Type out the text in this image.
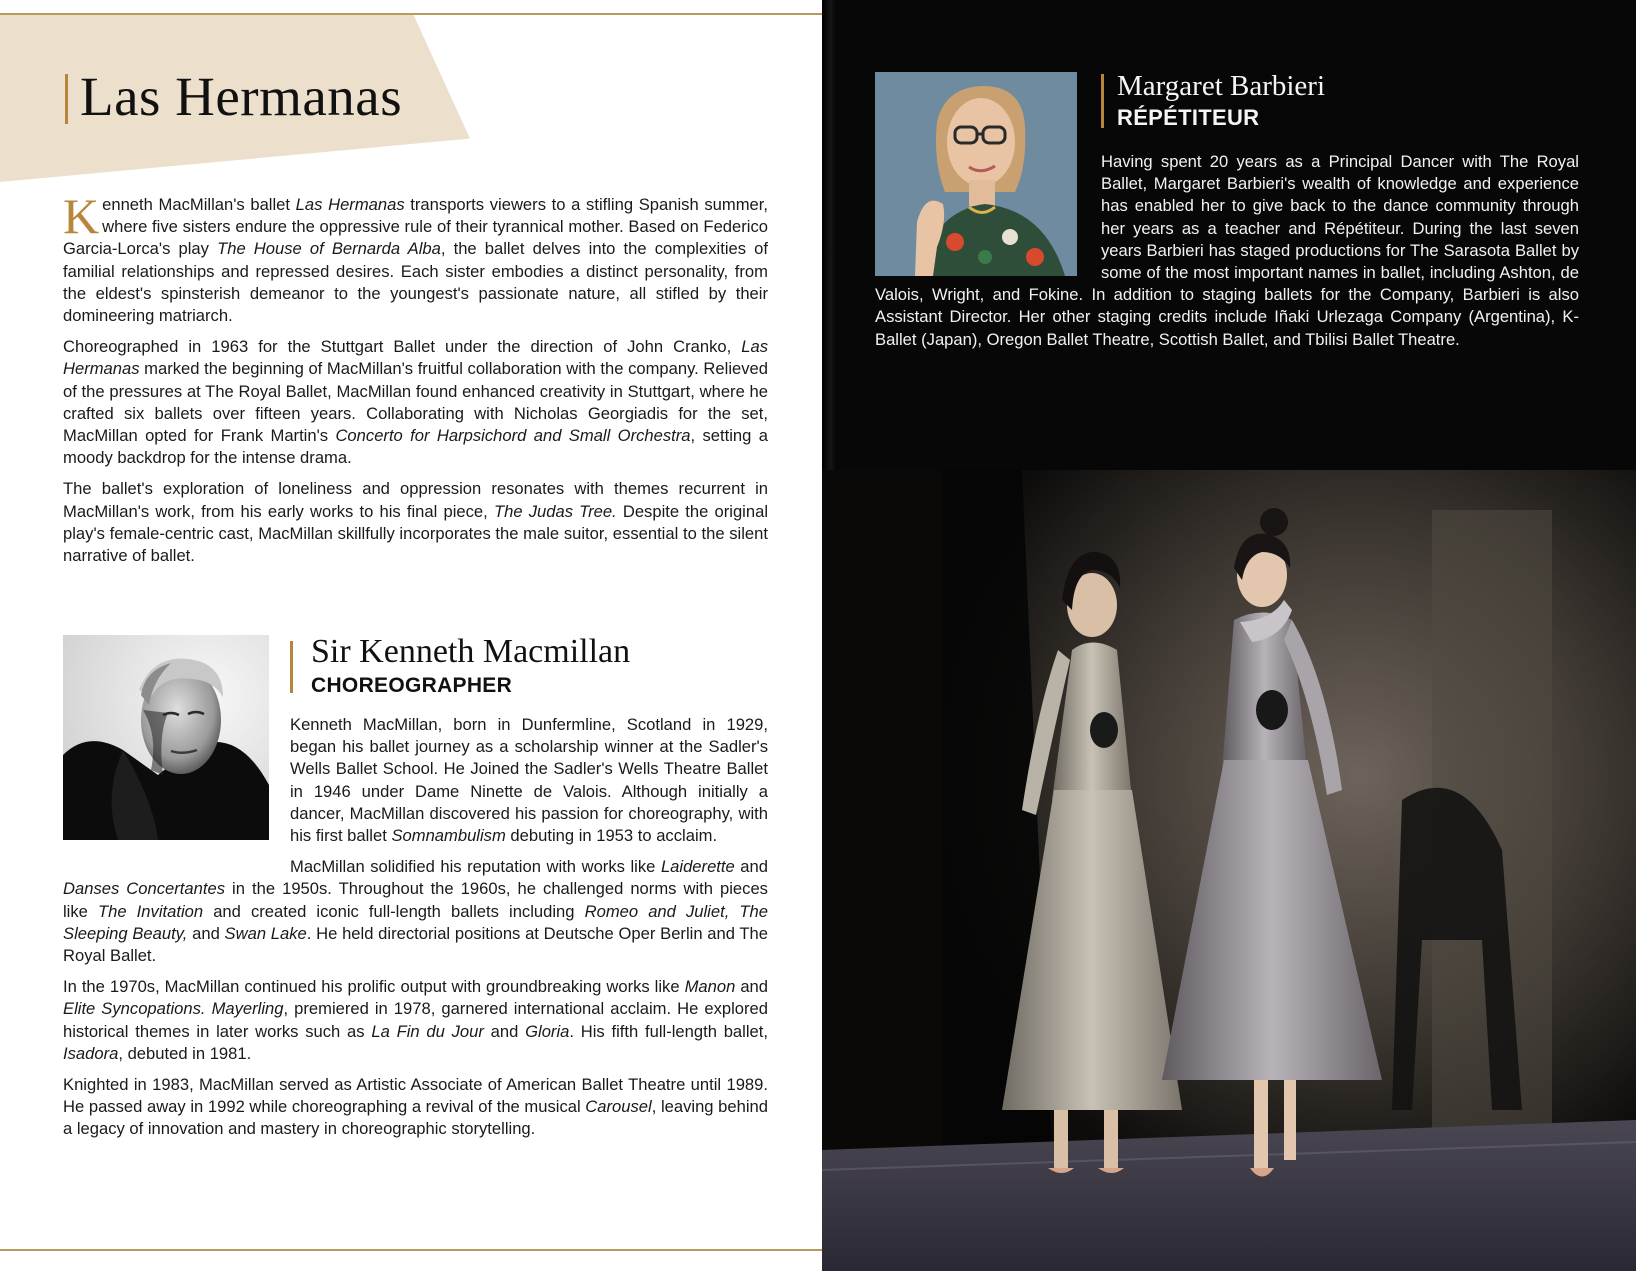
Las Hermanas

Kenneth MacMillan's ballet Las Hermanas transports viewers to a stifling Spanish summer, where five sisters endure the oppressive rule of their tyrannical mother. Based on Federico Garcia-Lorca's play The House of Bernarda Alba, the ballet delves into the complexities of familial relationships and repressed desires. Each sister embodies a distinct personality, from the eldest's spinsterish demeanor to the youngest's passionate nature, all stifled by their domineering matriarch.

Choreographed in 1963 for the Stuttgart Ballet under the direction of John Cranko, Las Hermanas marked the beginning of MacMillan's fruitful collaboration with the company. Relieved of the pressures at The Royal Ballet, MacMillan found enhanced creativity in Stuttgart, where he crafted six ballets over fifteen years. Collaborating with Nicholas Georgiadis for the set, MacMillan opted for Frank Martin's Concerto for Harpsichord and Small Orchestra, setting a moody backdrop for the intense drama.

The ballet's exploration of loneliness and oppression resonates with themes recurrent in MacMillan's work, from his early works to his final piece, The Judas Tree. Despite the original play's female-centric cast, MacMillan skillfully incorporates the male suitor, essential to the silent narrative of ballet.

Sir Kenneth Macmillan
CHOREOGRAPHER

Kenneth MacMillan, born in Dunfermline, Scotland in 1929, began his ballet journey as a scholarship winner at the Sadler's Wells Ballet School. He Joined the Sadler's Wells Theatre Ballet in 1946 under Dame Ninette de Valois. Although initially a dancer, MacMillan discovered his passion for choreography, with his first ballet Somnambulism debuting in 1953 to acclaim.

MacMillan solidified his reputation with works like Laiderette and Danses Concertantes in the 1950s. Throughout the 1960s, he challenged norms with pieces like The Invitation and created iconic full-length ballets including Romeo and Juliet, The Sleeping Beauty, and Swan Lake. He held directorial positions at Deutsche Oper Berlin and The Royal Ballet.

In the 1970s, MacMillan continued his prolific output with groundbreaking works like Manon and Elite Syncopations. Mayerling, premiered in 1978, garnered international acclaim. He explored historical themes in later works such as La Fin du Jour and Gloria. His fifth full-length ballet, Isadora, debuted in 1981.

Knighted in 1983, MacMillan served as Artistic Associate of American Ballet Theatre until 1989. He passed away in 1992 while choreographing a revival of the musical Carousel, leaving behind a legacy of innovation and mastery in choreographic storytelling.

Margaret Barbieri
RÉPÉTITEUR

Having spent 20 years as a Principal Dancer with The Royal Ballet, Margaret Barbieri's wealth of knowledge and experience has enabled her to give back to the dance community through her years as a teacher and Répétiteur. During the last seven years Barbieri has staged productions for The Sarasota Ballet by some of the most important names in ballet, including Ashton, de Valois, Wright, and Fokine. In addition to staging ballets for the Company, Barbieri is also Assistant Director. Her other staging credits include Iñaki Urlezaga Company (Argentina), K-Ballet (Japan), Oregon Ballet Theatre, Scottish Ballet, and Tbilisi Ballet Theatre.
